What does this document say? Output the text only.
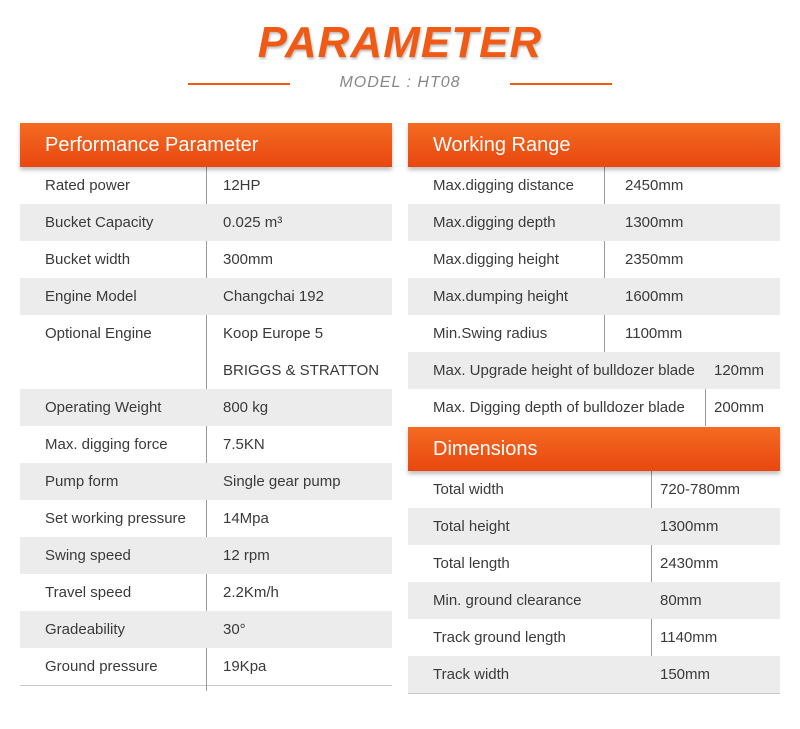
PARAMETER
MODEL : HT08
Performance Parameter
Rated power	12HP
Bucket Capacity	0.025 m³
Bucket width	300mm
Engine Model	Changchai 192
Optional Engine	Koop Europe 5
BRIGGS & STRATTON
Operating Weight	800 kg
Max. digging force	7.5KN
Pump form	Single gear pump
Set working pressure 14Mpa
Swing speed	12 rpm
Travel speed	2.2Km/h
Gradeability	30°
Ground pressure	19Kpa
Working Range
Max.digging distance	2450mm
Max.digging depth	1300mm
Max.digging height	2350mm
Max.dumping height	1600mm
Min.Swing radius	1100mm
Max. Upgrade height of bulldozer blade 120mm
Max. Digging depth of bulldozer blade 200mm
Dimensions
Total width	720-780mm
Total height	1300mm
Total length	2430mm
Min. ground clearance	80mm
Track ground length	1140mm
Track width	150mm
